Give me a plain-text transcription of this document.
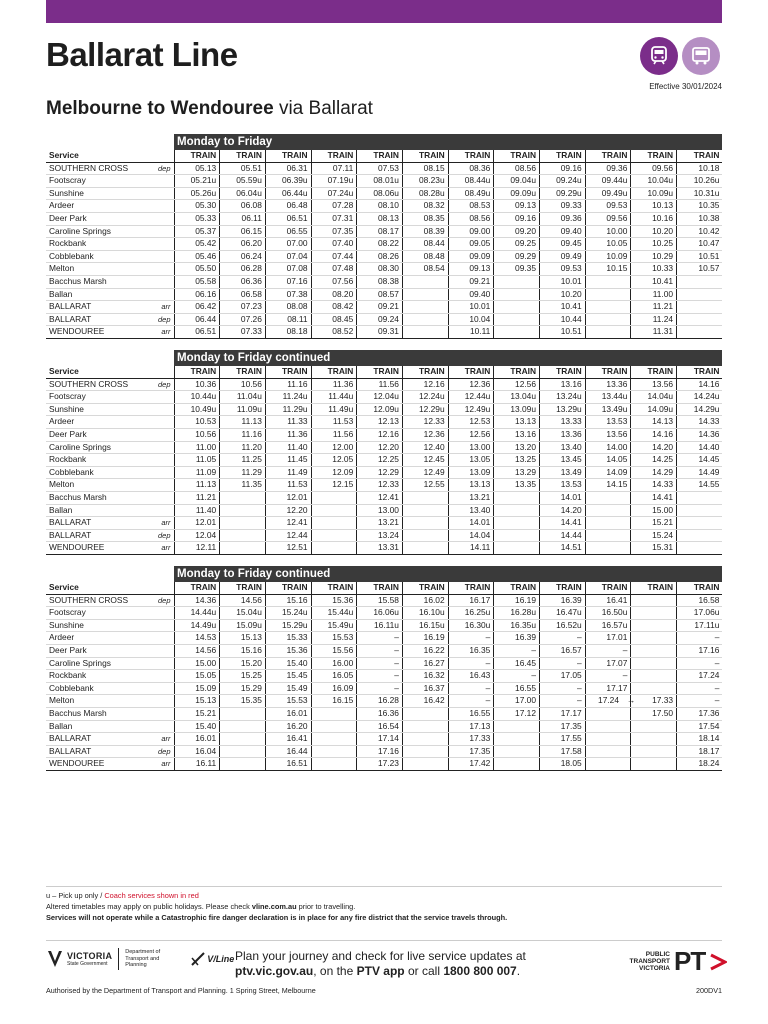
Ballarat Line
Effective 30/01/2024
Melbourne to Wendouree via Ballarat
		Monday to Friday											
Service		TRAIN	TRAIN	TRAIN	TRAIN	TRAIN	TRAIN	TRAIN	TRAIN	TRAIN	TRAIN	TRAIN	TRAIN
SOUTHERN CROSS	dep	05.13	05.51	06.31	07.11	07.53	08.15	08.36	08.56	09.16	09.36	09.56	10.18
Footscray		05.21u	05.59u	06.39u	07.19u	08.01u	08.23u	08.44u	09.04u	09.24u	09.44u	10.04u	10.26u
Sunshine		05.26u	06.04u	06.44u	07.24u	08.06u	08.28u	08.49u	09.09u	09.29u	09.49u	10.09u	10.31u
Ardeer		05.30	06.08	06.48	07.28	08.10	08.32	08.53	09.13	09.33	09.53	10.13	10.35
Deer Park		05.33	06.11	06.51	07.31	08.13	08.35	08.56	09.16	09.36	09.56	10.16	10.38
Caroline Springs		05.37	06.15	06.55	07.35	08.17	08.39	09.00	09.20	09.40	10.00	10.20	10.42
Rockbank		05.42	06.20	07.00	07.40	08.22	08.44	09.05	09.25	09.45	10.05	10.25	10.47
Cobblebank		05.46	06.24	07.04	07.44	08.26	08.48	09.09	09.29	09.49	10.09	10.29	10.51
Melton		05.50	06.28	07.08	07.48	08.30	08.54	09.13	09.35	09.53	10.15	10.33	10.57
Bacchus Marsh		05.58	06.36	07.16	07.56	08.38		09.21		10.01		10.41	
Ballan		06.16	06.58	07.38	08.20	08.57		09.40		10.20		11.00	
BALLARAT	arr	06.42	07.23	08.08	08.42	09.21		10.01		10.41		11.21	
BALLARAT	dep	06.44	07.26	08.11	08.45	09.24		10.04		10.44		11.24	
WENDOUREE	arr	06.51	07.33	08.18	08.52	09.31		10.11		10.51		11.31	
		Monday to Friday continued											
Service		TRAIN	TRAIN	TRAIN	TRAIN	TRAIN	TRAIN	TRAIN	TRAIN	TRAIN	TRAIN	TRAIN	TRAIN
SOUTHERN CROSS	dep	10.36	10.56	11.16	11.36	11.56	12.16	12.36	12.56	13.16	13.36	13.56	14.16
Footscray		10.44u	11.04u	11.24u	11.44u	12.04u	12.24u	12.44u	13.04u	13.24u	13.44u	14.04u	14.24u
Sunshine		10.49u	11.09u	11.29u	11.49u	12.09u	12.29u	12.49u	13.09u	13.29u	13.49u	14.09u	14.29u
Ardeer		10.53	11.13	11.33	11.53	12.13	12.33	12.53	13.13	13.33	13.53	14.13	14.33
Deer Park		10.56	11.16	11.36	11.56	12.16	12.36	12.56	13.16	13.36	13.56	14.16	14.36
Caroline Springs		11.00	11.20	11.40	12.00	12.20	12.40	13.00	13.20	13.40	14.00	14.20	14.40
Rockbank		11.05	11.25	11.45	12.05	12.25	12.45	13.05	13.25	13.45	14.05	14.25	14.45
Cobblebank		11.09	11.29	11.49	12.09	12.29	12.49	13.09	13.29	13.49	14.09	14.29	14.49
Melton		11.13	11.35	11.53	12.15	12.33	12.55	13.13	13.35	13.53	14.15	14.33	14.55
Bacchus Marsh		11.21		12.01		12.41		13.21		14.01		14.41	
Ballan		11.40		12.20		13.00		13.40		14.20		15.00	
BALLARAT	arr	12.01		12.41		13.21		14.01		14.41		15.21	
BALLARAT	dep	12.04		12.44		13.24		14.04		14.44		15.24	
WENDOUREE	arr	12.11		12.51		13.31		14.11		14.51		15.31	
		Monday to Friday continued											
Service		TRAIN	TRAIN	TRAIN	TRAIN	TRAIN	TRAIN	TRAIN	TRAIN	TRAIN	TRAIN	TRAIN	TRAIN
SOUTHERN CROSS	dep	14.36	14.56	15.16	15.36	15.58	16.02	16.17	16.19	16.39	16.41		16.58
Footscray		14.44u	15.04u	15.24u	15.44u	16.06u	16.10u	16.25u	16.28u	16.47u	16.50u		17.06u
Sunshine		14.49u	15.09u	15.29u	15.49u	16.11u	16.15u	16.30u	16.35u	16.52u	16.57u		17.11u
Ardeer		14.53	15.13	15.33	15.53	–	16.19	–	16.39	–	17.01		–
Deer Park		14.56	15.16	15.36	15.56	–	16.22	16.35	–	16.57	–		17.16
Caroline Springs		15.00	15.20	15.40	16.00	–	16.27	–	16.45	–	17.07		–
Rockbank		15.05	15.25	15.45	16.05	–	16.32	16.43	–	17.05	–		17.24
Cobblebank		15.09	15.29	15.49	16.09	–	16.37	–	16.55	–	17.17		–
Melton		15.13	15.35	15.53	16.15	16.28	16.42	–	17.00	–	17.24 →	17.33	–
Bacchus Marsh		15.21		16.01		16.36		16.55	17.12	17.17		17.50	17.36
Ballan		15.40		16.20		16.54		17.13		17.35			17.54
BALLARAT	arr	16.01		16.41		17.14		17.33		17.55			18.14
BALLARAT	dep	16.04		16.44		17.16		17.35		17.58			18.17
WENDOUREE	arr	16.11		16.51		17.23		17.42		18.05			18.24
u – Pick up only / Coach services shown in red
Altered timetables may apply on public holidays. Please check vline.com.au prior to travelling.
Services will not operate while a Catastrophic fire danger declaration is in place for any fire district that the service travels through.
VICTORIA
State Government
Department of Transport and Planning
V/Line Plan your journey and check for live service updates at
ptv.vic.gov.au, on the PTV app or call 1800 800 007.
PUBLIC TRANSPORT VICTORIA PT
Authorised by the Department of Transport and Planning. 1 Spring Street, Melbourne	200DV1
